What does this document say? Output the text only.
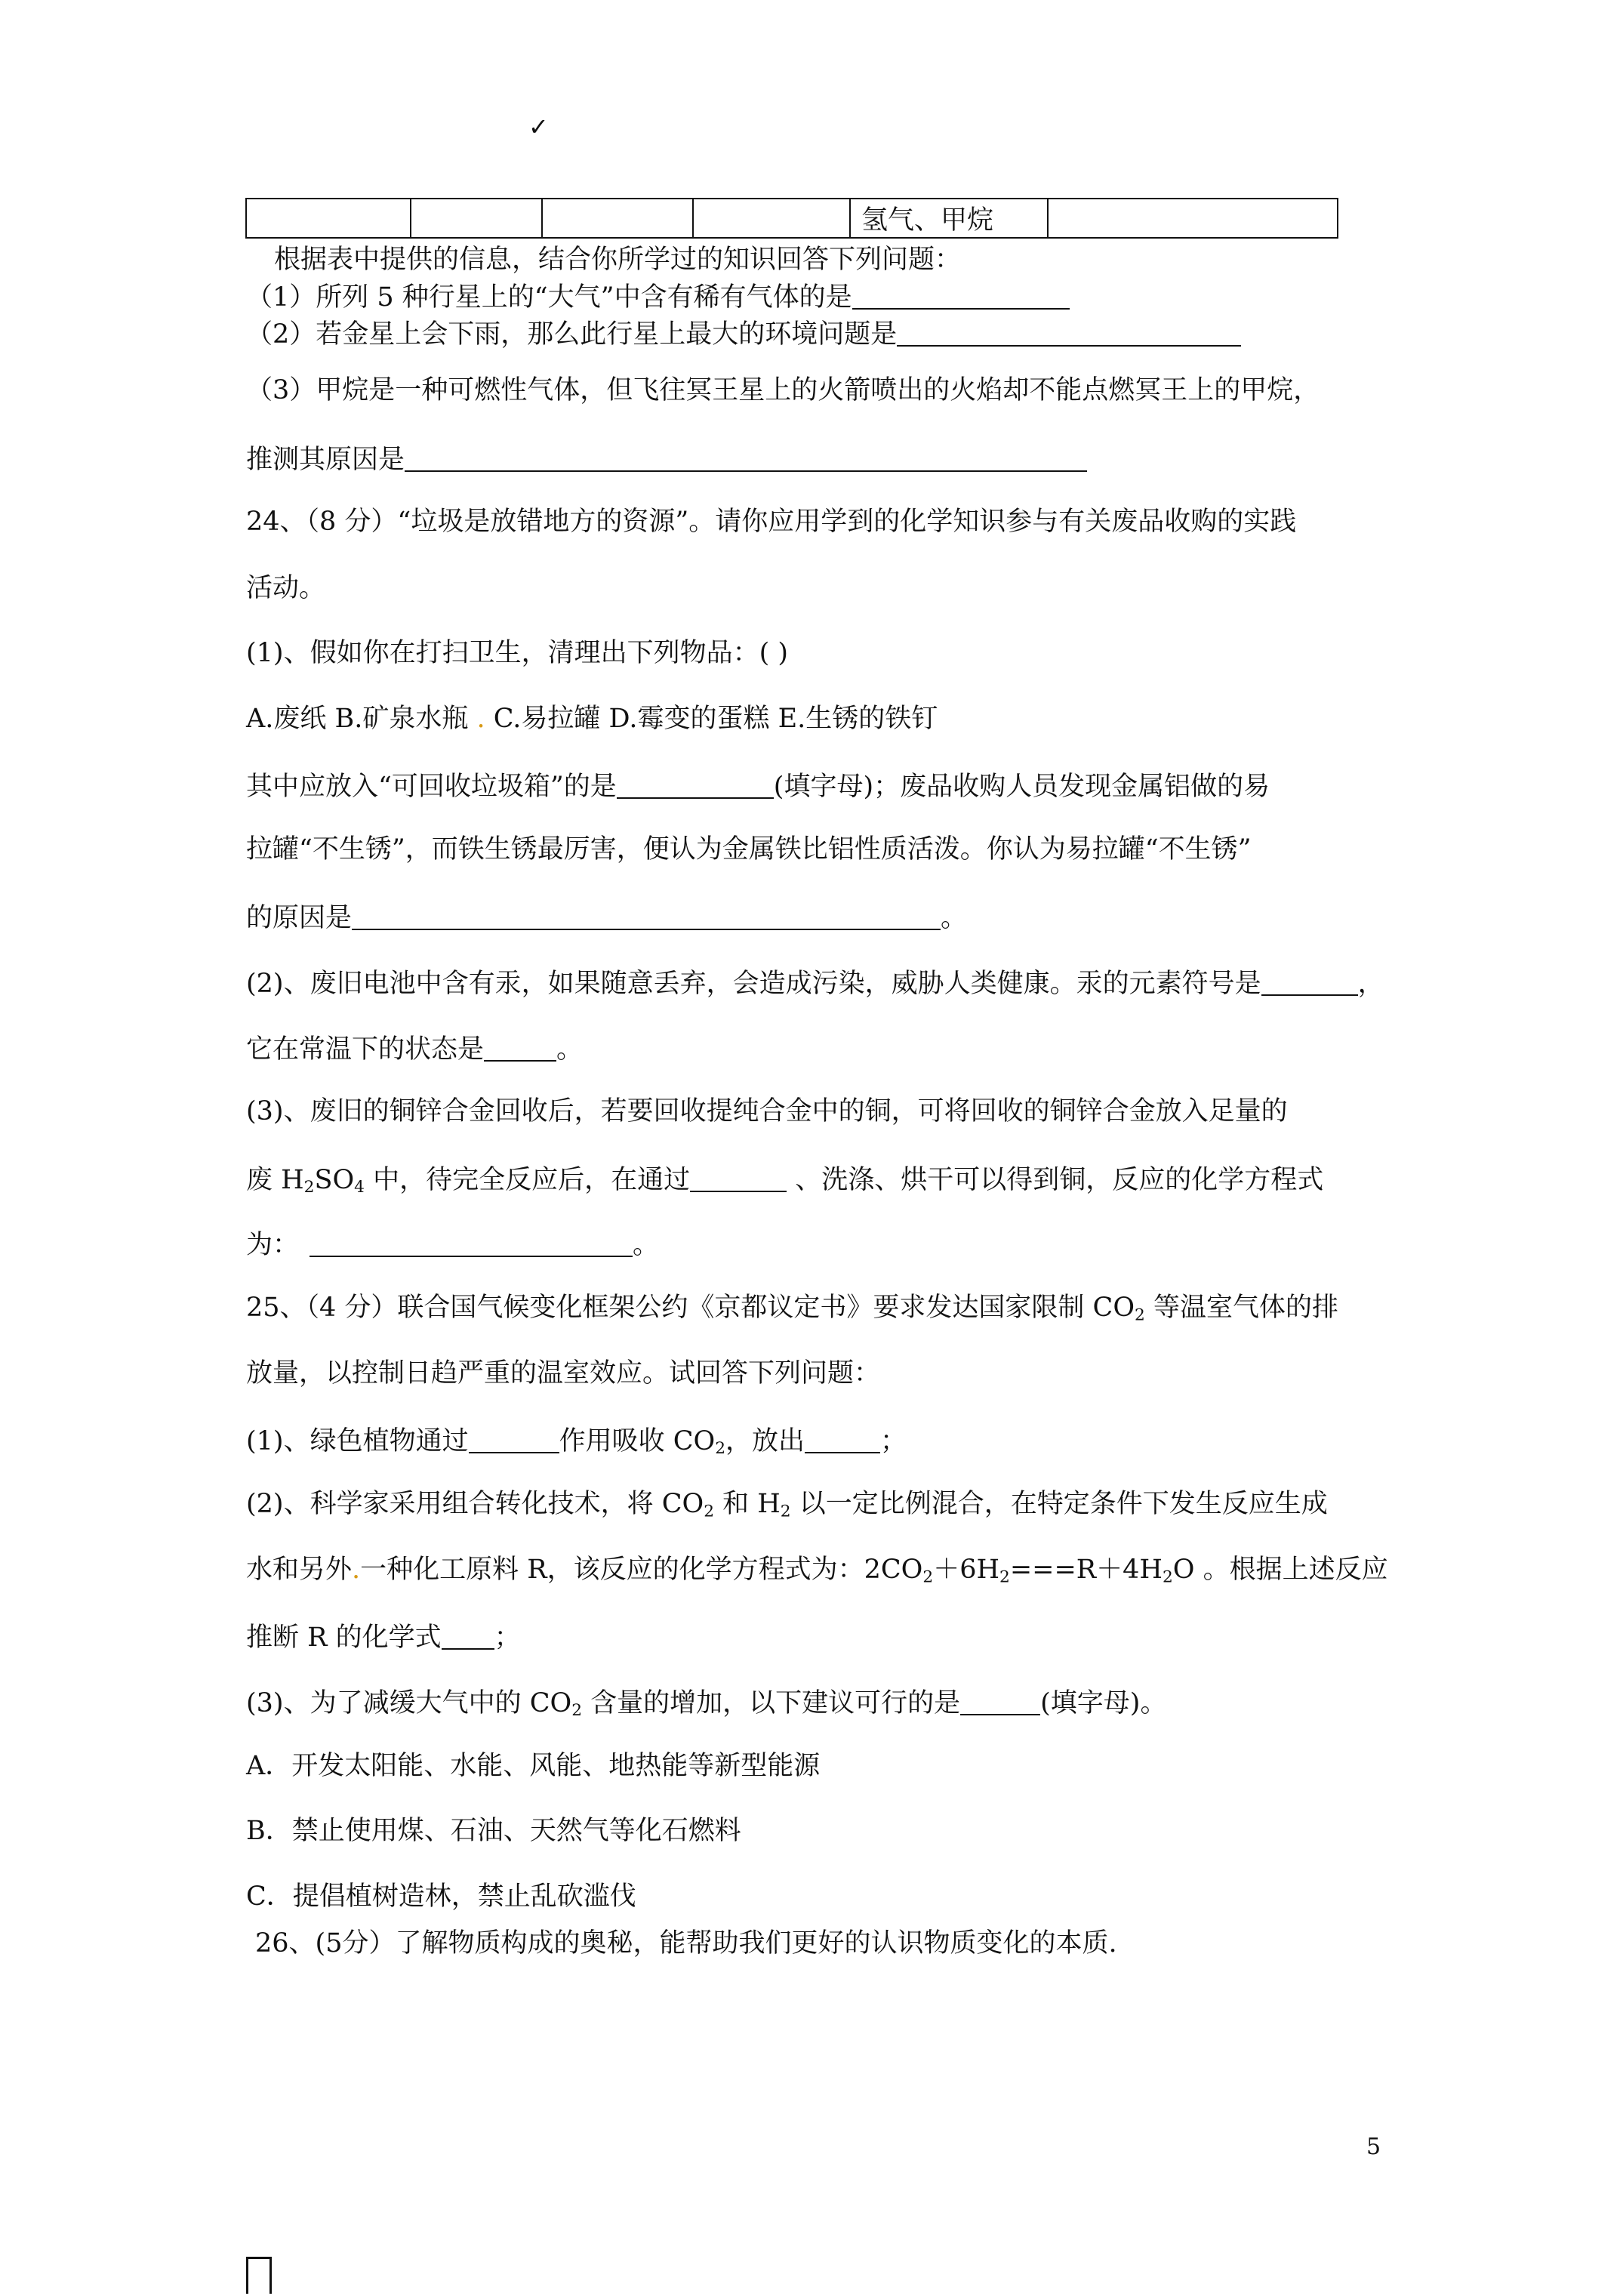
✓
				氢气、甲烷	
根据表中提供的信息，结合你所学过的知识回答下列问题：
（1）所列 5 种行星上的“大气”中含有稀有气体的是
（2）若金星上会下雨，那么此行星上最大的环境问题是
（3）甲烷是一种可燃性气体，但飞往冥王星上的火箭喷出的火焰却不能点燃冥王上的甲烷，
推测其原因是
24、（8 分）“垃圾是放错地方的资源”。请你应用学到的化学知识参与有关废品收购的实践
活动。
(1)、假如你在打扫卫生，清理出下列物品：( )
A.废纸 B.矿泉水瓶 . C.易拉罐 D.霉变的蛋糕 E.生锈的铁钉
其中应放入“可回收垃圾箱”的是	(填字母)；废品收购人员发现金属铝做的易
拉罐“不生锈”，而铁生锈最厉害，便认为金属铁比铝性质活泼。你认为易拉罐“不生锈”
的原因是	。
(2)、废旧电池中含有汞，如果随意丢弃，会造成污染，威胁人类健康。汞的元素符号是	，
它在常温下的状态是	。
(3)、废旧的铜锌合金回收后，若要回收提纯合金中的铜，可将回收的铜锌合金放入足量的
废 $H_2SO_4$ 中，待完全反应后，在通过	、洗涤、烘干可以得到铜，反应的化学方程式
为：	。
25、（4 分）联合国气候变化框架公约《京都议定书》要求发达国家限制 $CO_2$ 等温室气体的排
放量，以控制日趋严重的温室效应。试回答下列问题：
(1)、绿色植物通过	作用吸收 $CO_2$，放出	；
(2)、科学家采用组合转化技术，将 $CO_2$ 和 $H_2$ 以一定比例混合，在特定条件下发生反应生成
水和另外.一种化工原料 R，该反应的化学方程式为：$2CO_2+6H_2===R+4H_2O$ 。根据上述反应
推断 R 的化学式 ；
(3)、为了减缓大气中的 $CO_2$ 含量的增加，以下建议可行的是	(填字母)。
A．开发太阳能、水能、风能、地热能等新型能源
B．禁止使用煤、石油、天然气等化石燃料
C．提倡植树造林，禁止乱砍滥伐
26、(5分）了解物质构成的奥秘，能帮助我们更好的认识物质变化的本质.
5
